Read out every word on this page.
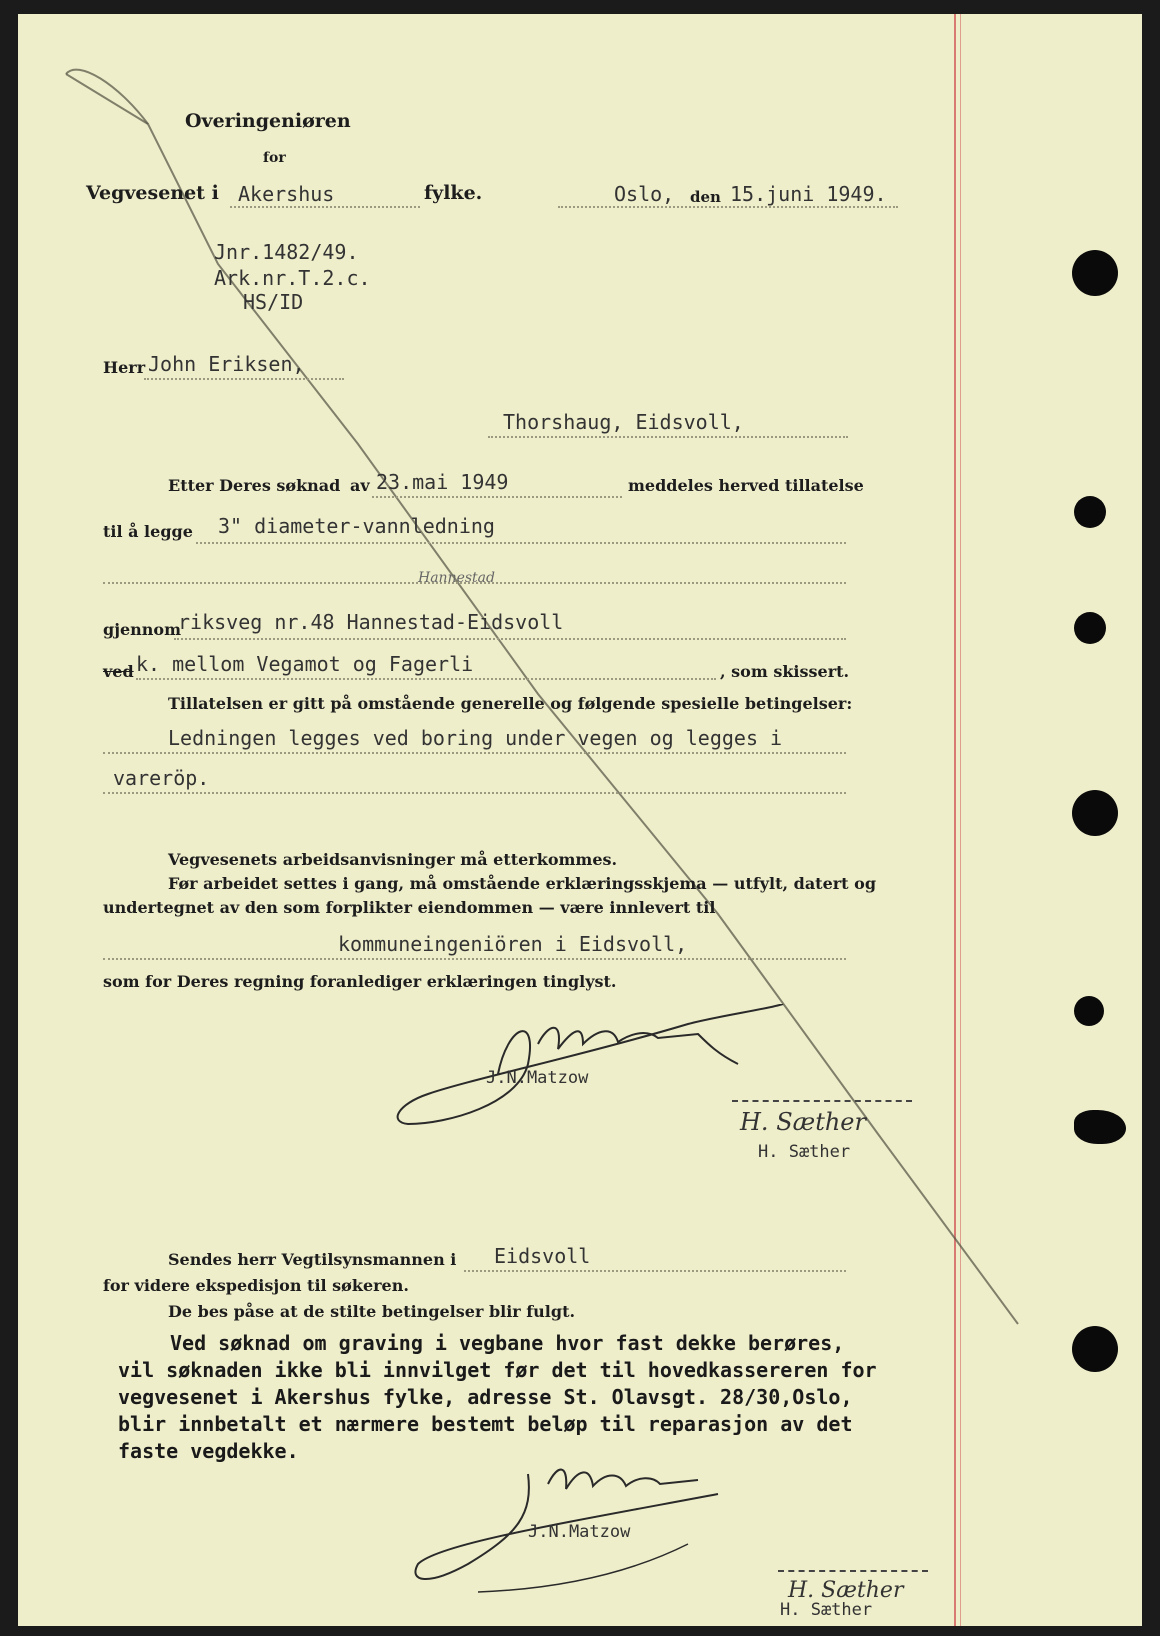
Overingeniøren
for
Vegvesenet i Akershus	fylke.	Oslo, den 15.juni 1949.
Jnr.1482/49.
Ark.nr.T.2.c.
HS/ID
Herr John Eriksen,
Thorshaug, Eidsvoll,
Etter Deres søknad av 23.mai 1949	meddeles herved tillatelse
til å legge 3" diameter-vannledning
Hannestad
gjennom
riksveg nr.48 Hannestad-Eidsvoll
ved k. mellom Vegamot og Fagerli	, som skissert.
Tillatelsen er gitt på omstående generelle og følgende spesielle betingelser:
Ledningen legges ved boring under vegen og legges i
vareröр.
Vegvesenets arbeidsanvisninger må etterkommes.
Før arbeidet settes i gang, må omstående erklæringsskjema — utfylt, datert og
undertegnet av den som forplikter eiendommen — være innlevert til
kommuneingeniören i Eidsvoll,
som for Deres regning foranlediger erklæringen tinglyst.
J.N.Matzow
H. Sæther
H. Sæther
Sendes herr Vegtilsynsmannen i Eidsvoll
for videre ekspedisjon til søkeren.
De bes påse at de stilte betingelser blir fulgt.
Ved søknad om graving i vegbane hvor fast dekke berøres,
vil søknaden ikke bli innvilget før det til hovedkassereren for
vegvesenet i Akershus fylke, adresse St. Olavsgt. 28/30,Oslo,
blir innbetalt et nærmere bestemt beløp til reparasjon av det
faste vegdekke.
J.N.Matzow
H. Sæther
H. Sæther
